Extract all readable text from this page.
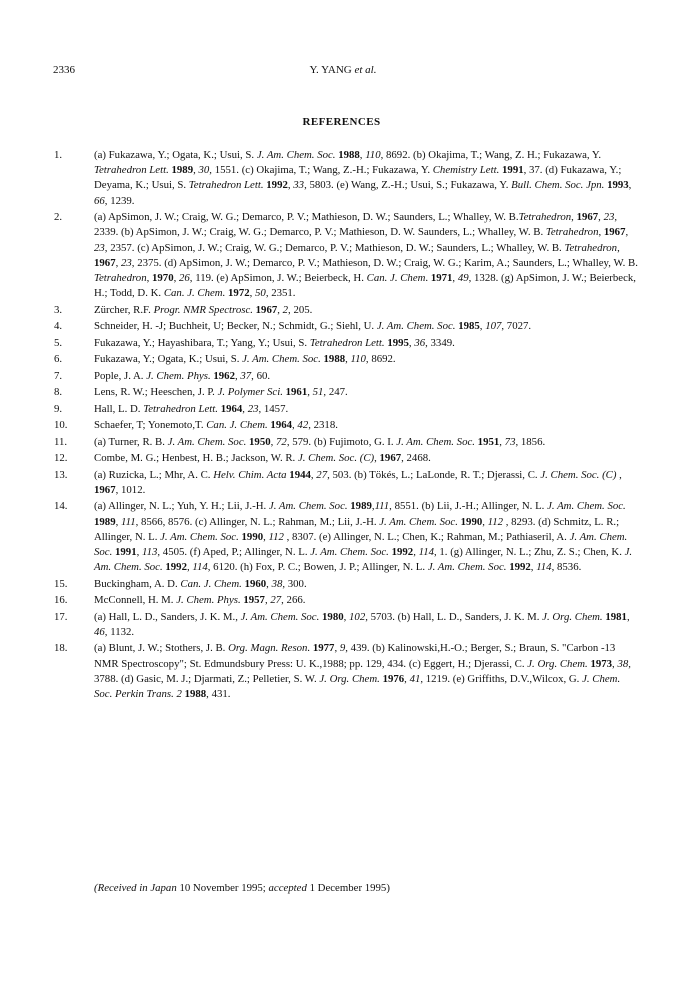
2336	Y. YANG et al.
REFERENCES
1.	(a) Fukazawa, Y.; Ogata, K.; Usui, S. J. Am. Chem. Soc. 1988, 110, 8692. (b) Okajima, T.; Wang, Z. H.; Fukazawa, Y. Tetrahedron Lett. 1989, 30, 1551. (c) Okajima, T.; Wang, Z.-H.; Fukazawa, Y. Chemistry Lett. 1991, 37. (d) Fukazawa, Y.; Deyama, K.; Usui, S. Tetrahedron Lett. 1992, 33, 5803. (e) Wang, Z.-H.; Usui, S.; Fukazawa, Y. Bull. Chem. Soc. Jpn. 1993, 66, 1239.
2.	(a) ApSimon, J. W.; Craig, W. G.; Demarco, P. V.; Mathieson, D. W.; Saunders, L.; Whalley, W. B.Tetrahedron, 1967, 23, 2339. (b) ApSimon, J. W.; Craig, W. G.; Demarco, P. V.; Mathieson, D. W. Saunders, L.; Whalley, W. B. Tetrahedron, 1967, 23, 2357. (c) ApSimon, J. W.; Craig, W. G.; Demarco, P. V.; Mathieson, D. W.; Saunders, L.; Whalley, W. B. Tetrahedron, 1967, 23, 2375. (d) ApSimon, J. W.; Demarco, P. V.; Mathieson, D. W.; Craig, W. G.; Karim, A.; Saunders, L.; Whalley, W. B. Tetrahedron, 1970, 26, 119. (e) ApSimon, J. W.; Beierbeck, H. Can. J. Chem. 1971, 49, 1328. (g) ApSimon, J. W.; Beierbeck, H.; Todd, D. K. Can. J. Chem. 1972, 50, 2351.
3.	Zürcher, R.F. Progr. NMR Spectrosc. 1967, 2, 205.
4.	Schneider, H. -J; Buchheit, U; Becker, N.; Schmidt, G.; Siehl, U. J. Am. Chem. Soc. 1985, 107, 7027.
5.	Fukazawa, Y.; Hayashibara, T.; Yang, Y.; Usui, S. Tetrahedron Lett. 1995, 36, 3349.
6.	Fukazawa, Y.; Ogata, K.; Usui, S. J. Am. Chem. Soc. 1988, 110, 8692.
7.	Pople, J. A. J. Chem. Phys. 1962, 37, 60.
8.	Lens, R. W.; Heeschen, J. P. J. Polymer Sci. 1961, 51, 247.
9.	Hall, L. D. Tetrahedron Lett. 1964, 23, 1457.
10.	Schaefer, T; Yonemoto,T. Can. J. Chem. 1964, 42, 2318.
11.	(a) Turner, R. B. J. Am. Chem. Soc. 1950, 72, 579. (b) Fujimoto, G. I. J. Am. Chem. Soc. 1951, 73, 1856.
12.	Combe, M. G.; Henbest, H. B.; Jackson, W. R. J. Chem. Soc. (C), 1967, 2468.
13.	(a) Ruzicka, L.; Mhr, A. C. Helv. Chim. Acta 1944, 27, 503. (b) Tökés, L.; LaLonde, R. T.; Djerassi, C. J. Chem. Soc. (C) , 1967, 1012.
14.	(a) Allinger, N. L.; Yuh, Y. H.; Lii, J.-H. J. Am. Chem. Soc. 1989,111, 8551. (b) Lii, J.-H.; Allinger, N. L. J. Am. Chem. Soc. 1989, 111, 8566, 8576. (c) Allinger, N. L.; Rahman, M.; Lii, J.-H. J. Am. Chem. Soc. 1990, 112 , 8293. (d) Schmitz, L. R.; Allinger, N. L. J. Am. Chem. Soc. 1990, 112 , 8307. (e) Allinger, N. L.; Chen, K.; Rahman, M.; Pathiaseril, A. J. Am. Chem. Soc. 1991, 113, 4505. (f) Aped, P.; Allinger, N. L. J. Am. Chem. Soc. 1992, 114, 1. (g) Allinger, N. L.; Zhu, Z. S.; Chen, K. J. Am. Chem. Soc. 1992, 114, 6120. (h) Fox, P. C.; Bowen, J. P.; Allinger, N. L. J. Am. Chem. Soc. 1992, 114, 8536.
15.	Buckingham, A. D. Can. J. Chem. 1960, 38, 300.
16.	McConnell, H. M. J. Chem. Phys. 1957, 27, 266.
17.	(a) Hall, L. D., Sanders, J. K. M., J. Am. Chem. Soc. 1980, 102, 5703. (b) Hall, L. D., Sanders, J. K. M. J. Org. Chem. 1981, 46, 1132.
18.	(a) Blunt, J. W.; Stothers, J. B. Org. Magn. Reson. 1977, 9, 439. (b) Kalinowski,H.-O.; Berger, S.; Braun, S. "Carbon -13 NMR Spectroscopy"; St. Edmundsbury Press: U. K.,1988; pp. 129, 434. (c) Eggert, H.; Djerassi, C. J. Org. Chem. 1973, 38, 3788. (d) Gasic, M. J.; Djarmati, Z.; Pelletier, S. W. J. Org. Chem. 1976, 41, 1219. (e) Griffiths, D.V.,Wilcox, G. J. Chem. Soc. Perkin Trans. 2 1988, 431.
(Received in Japan 10 November 1995; accepted 1 December 1995)
